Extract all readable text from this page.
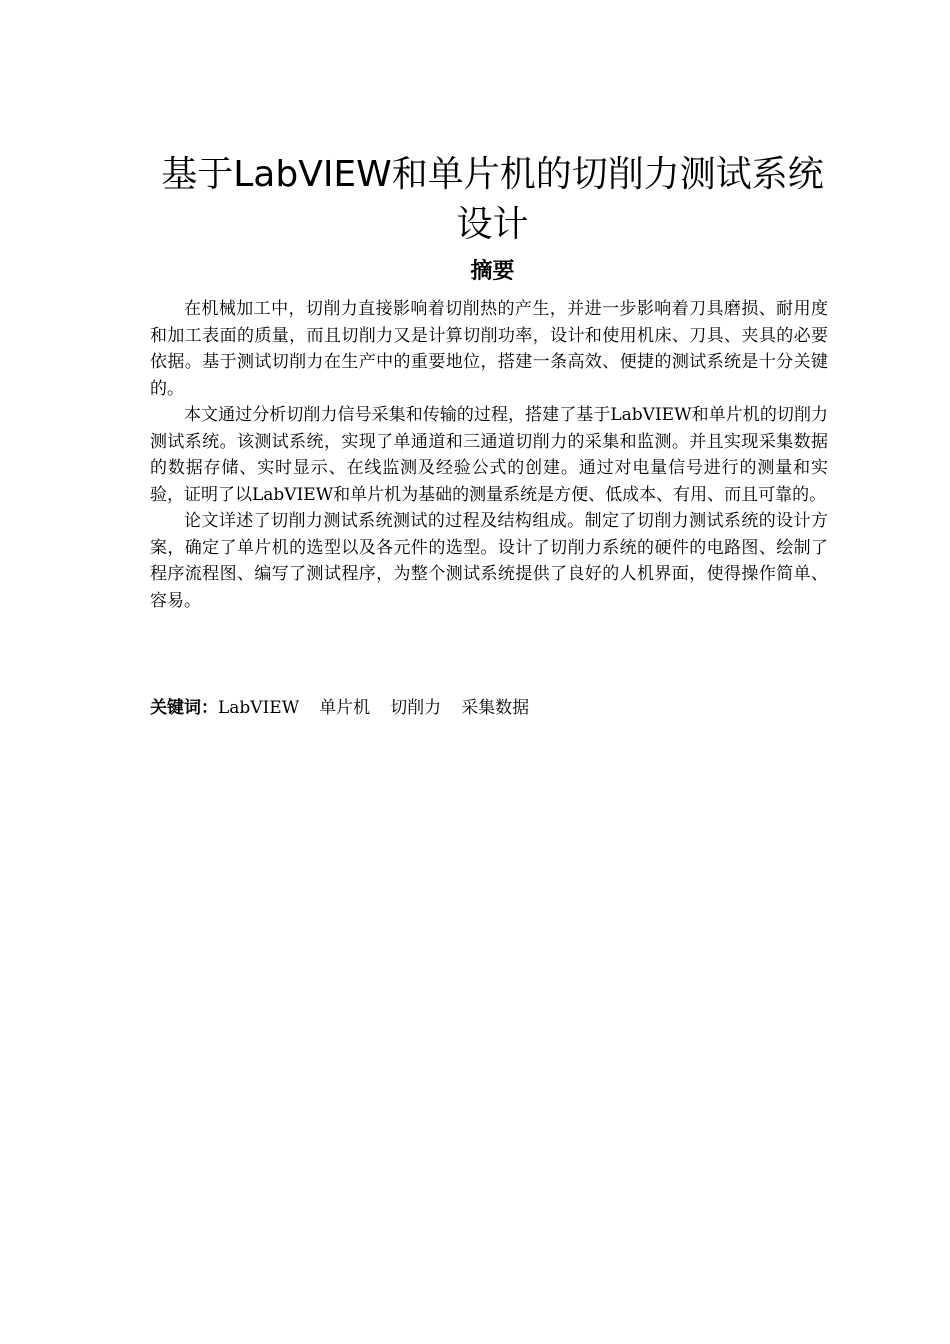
基于LabVIEW和单片机的切削力测试系统设计
摘要

在机械加工中，切削力直接影响着切削热的产生，并进一步影响着刀具磨损、耐用度和加工表面的质量，而且切削力又是计算切削功率，设计和使用机床、刀具、夹具的必要依据。基于测试切削力在生产中的重要地位，搭建一条高效、便捷的测试系统是十分关键的。

本文通过分析切削力信号采集和传输的过程，搭建了基于LabVIEW和单片机的切削力测试系统。该测试系统，实现了单通道和三通道切削力的采集和监测。并且实现采集数据的数据存储、实时显示、在线监测及经验公式的创建。通过对电量信号进行的测量和实验，证明了以LabVIEW和单片机为基础的测量系统是方便、低成本、有用、而且可靠的。

论文详述了切削力测试系统测试的过程及结构组成。制定了切削力测试系统的设计方案，确定了单片机的选型以及各元件的选型。设计了切削力系统的硬件的电路图、绘制了程序流程图、编写了测试程序，为整个测试系统提供了良好的人机界面，使得操作简单、容易。

关键词：LabVIEW 单片机 切削力 采集数据
